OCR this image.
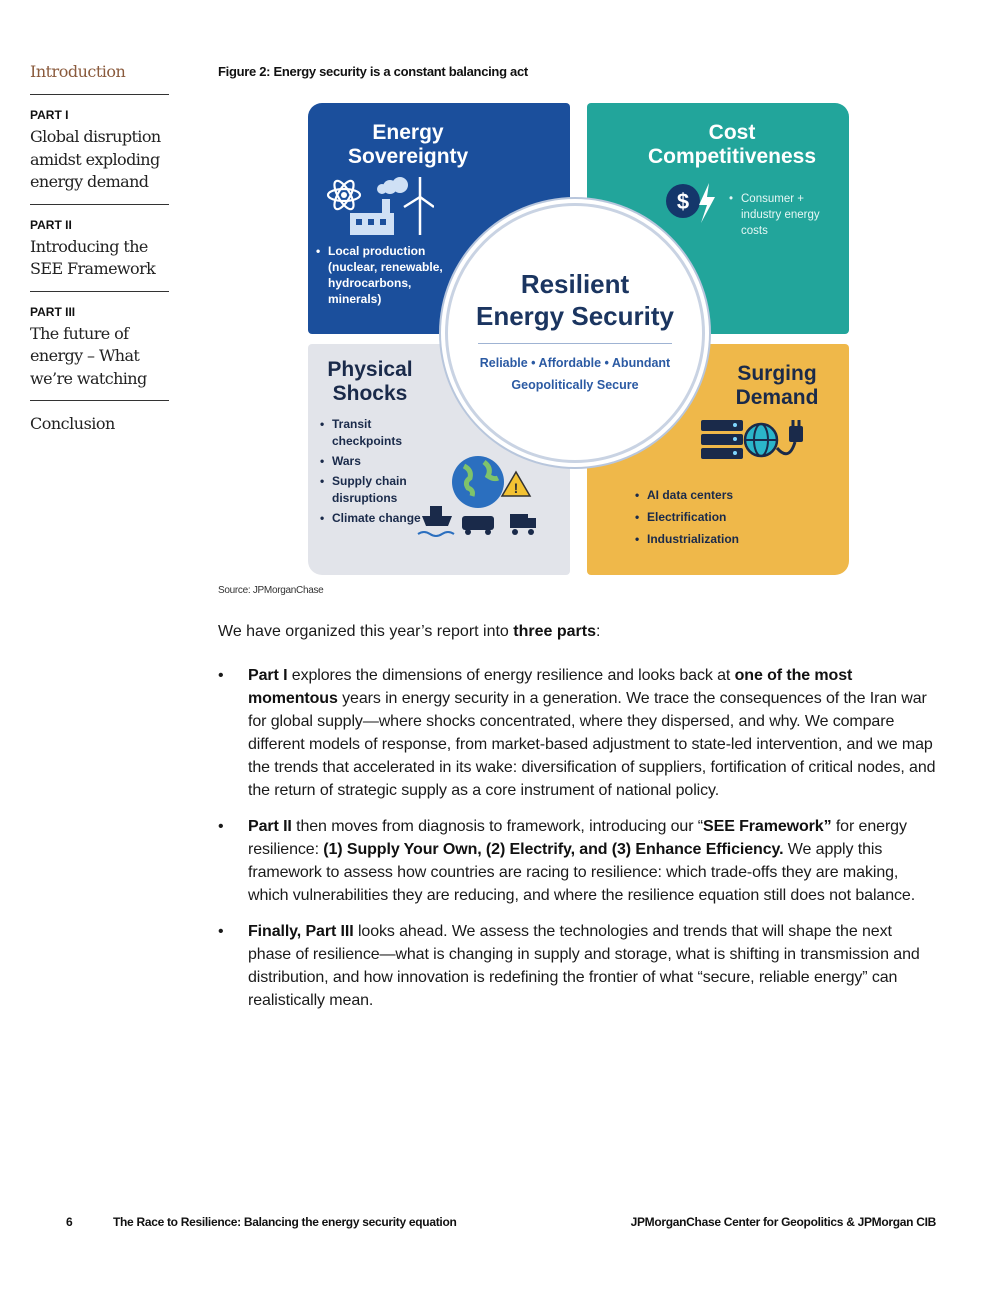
Introduction
PART I
Global disruption amidst exploding energy demand
PART II
Introducing the SEE Framework
PART III
The future of energy – What we’re watching
Conclusion
Figure 2: Energy security is a constant balancing act
Energy Sovereignty
• Local production (nuclear, renewable, hydrocarbons, minerals)
Cost Competitiveness
$
•	Consumer + industry energy costs
Physical Shocks
• Transit checkpoints
• Wars
• Supply chain disruptions
• Climate change
!
Surging Demand
• AI data centers
• Electrification
• Industrialization
Resilient
Energy Security
Reliable • Affordable • Abundant
Geopolitically Secure
Source: JPMorganChase

We have organized this year’s report into three parts:

• Part I explores the dimensions of energy resilience and looks back at one of the most momentous years in energy security in a generation. We trace the consequences of the Iran war for global supply—where shocks concentrated, where they dispersed, and why. We compare different models of response, from market-based adjustment to state-led intervention, and we map the trends that accelerated in its wake: diversification of suppliers, fortification of critical nodes, and the return of strategic supply as a core instrument of national policy.
• Part II then moves from diagnosis to framework, introducing our “SEE Framework” for energy resilience: (1) Supply Your Own, (2) Electrify, and (3) Enhance Efficiency. We apply this framework to assess how countries are racing to resilience: which trade-offs they are making, which vulnerabilities they are reducing, and where the resilience equation still does not balance.
• Finally, Part III looks ahead. We assess the technologies and trends that will shape the next phase of resilience—what is changing in supply and storage, what is shifting in transmission and distribution, and how innovation is redefining the frontier of what “secure, reliable energy” can realistically mean.
6	The Race to Resilience: Balancing the energy security equation	JPMorganChase Center for Geopolitics & JPMorgan CIB
